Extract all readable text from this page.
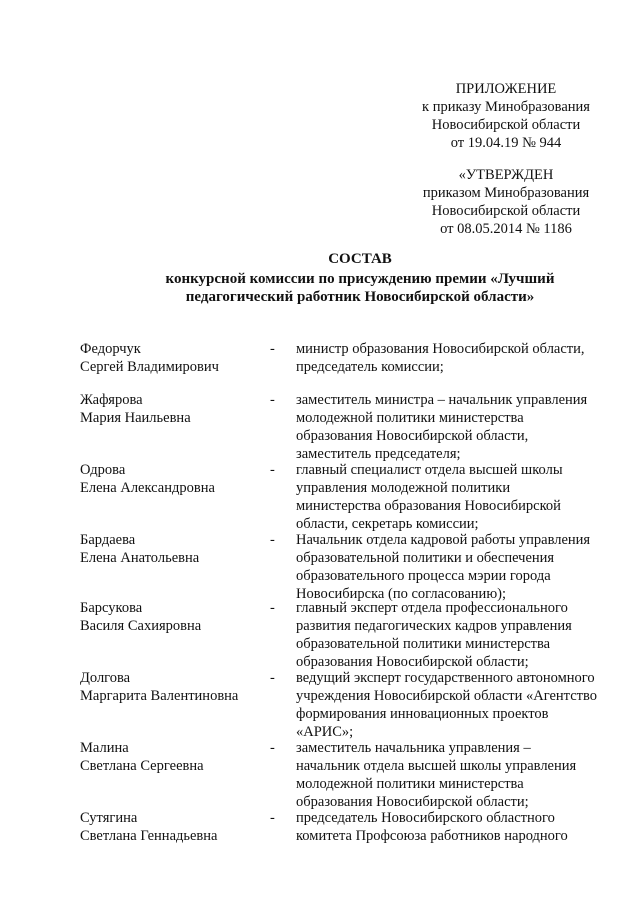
ПРИЛОЖЕНИЕ
к приказу Минобразования
Новосибирской области
от 19.04.19 № 944
«УТВЕРЖДЕН
приказом Минобразования
Новосибирской области
от 08.05.2014 № 1186
СОСТАВ
конкурсной комиссии по присуждению премии «Лучший
педагогический работник Новосибирской области»
Федорчук
Сергей Владимирович
- министр образования Новосибирской области,
председатель комиссии;
Жафярова
Мария Наильевна
- заместитель министра – начальник управления
молодежной политики министерства
образования Новосибирской области,
заместитель председателя;
Одрова
Елена Александровна
- главный специалист отдела высшей школы
управления молодежной политики
министерства образования Новосибирской
области, секретарь комиссии;
Бардаева
Елена Анатольевна
- Начальник отдела кадровой работы управления
образовательной политики и обеспечения
образовательного процесса мэрии города
Новосибирска (по согласованию);
Барсукова
Василя Сахияровна
- главный эксперт отдела профессионального
развития педагогических кадров управления
образовательной политики министерства
образования Новосибирской области;
Долгова
Маргарита Валентиновна
- ведущий эксперт государственного автономного
учреждения Новосибирской области «Агентство
формирования инновационных проектов
«АРИС»;
Малина
Светлана Сергеевна
- заместитель начальника управления –
начальник отдела высшей школы управления
молодежной политики министерства
образования Новосибирской области;
Сутягина
Светлана Геннадьевна
- председатель Новосибирского областного
комитета Профсоюза работников народного
